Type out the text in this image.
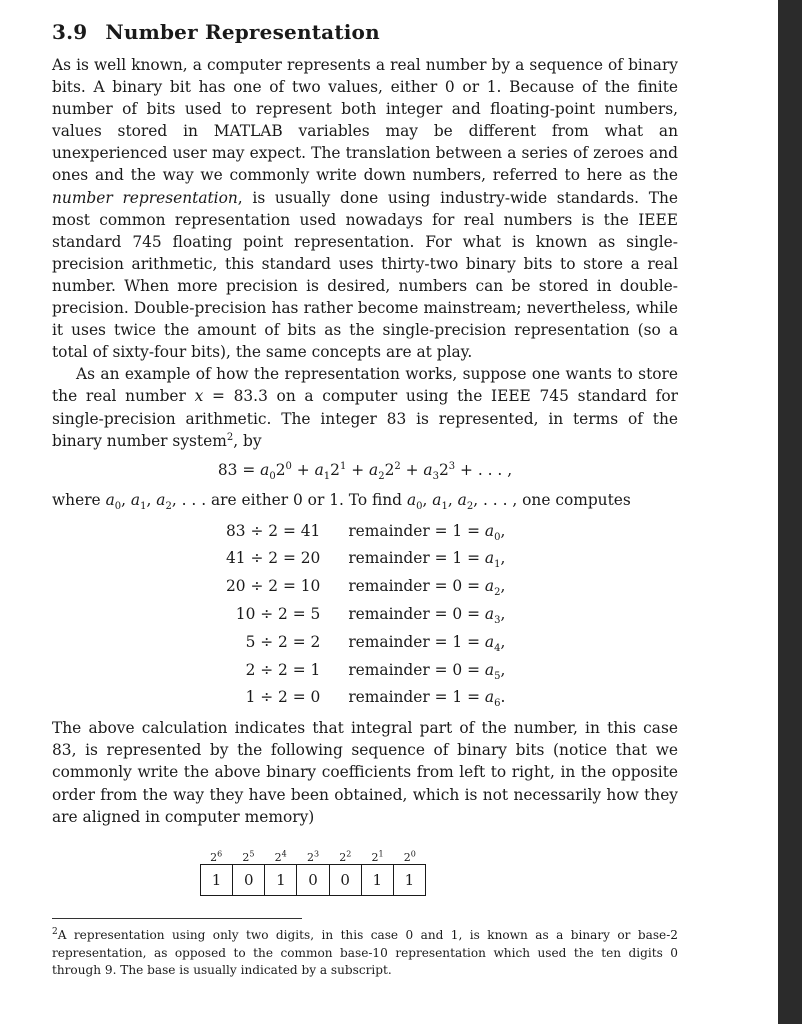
3.9 Number Representation

As is well known, a computer represents a real number by a sequence of binary bits. A binary bit has one of two values, either 0 or 1. Because of the finite number of bits used to represent both integer and floating-point numbers, values stored in MATLAB variables may be different from what an unexperienced user may expect. The translation between a series of zeroes and ones and the way we commonly write down numbers, referred to here as the number representation, is usually done using industry-wide standards. The most common representation used nowadays for real numbers is the IEEE standard 745 floating point representation. For what is known as single-precision arithmetic, this standard uses thirty-two binary bits to store a real number. When more precision is desired, numbers can be stored in double-precision. Double-precision has rather become mainstream; nevertheless, while it uses twice the amount of bits as the single-precision representation (so a total of sixty-four bits), the same concepts are at play.

As an example of how the representation works, suppose one wants to store the real number x = 83.3 on a computer using the IEEE 745 standard for single-precision arithmetic. The integer 83 is represented, in terms of the binary number system$^2$, by

$83 = a_02^0 + a_12^1 + a_22^2 + a_32^3$ + . . . ,
where $a_0$, $a_1$, $a_2$, . . . are either 0 or 1. To find $a_0$, $a_1$, $a_2$, . . . , one computes
83 ÷ 2 = 41	remainder = $1 = a_0$,
41 ÷ 2 = 20	remainder = $1 = a_1$,
20 ÷ 2 = 10	remainder = $0 = a_2$,
10 ÷ 2 = 5	remainder = $0 = a_3$,
5 ÷ 2 = 2	remainder = $1 = a_4$,
2 ÷ 2 = 1	remainder = $0 = a_5$,
1 ÷ 2 = 0	remainder = $1 = a_6$.

The above calculation indicates that integral part of the number, in this case 83, is represented by the following sequence of binary bits (notice that we commonly write the above binary coefficients from left to right, in the opposite order from the way they have been obtained, which is not necessarily how they are aligned in computer memory)

$2^6$	$2^5$	$2^4$	$2^3$	$2^2$	$2^1$	$2^0$
1	0	1	0	0	1	1
$^2$A representation using only two digits, in this case 0 and 1, is known as a binary or base-2 representation, as opposed to the common base-10 representation which used the ten digits 0 through 9. The base is usually indicated by a subscript.
